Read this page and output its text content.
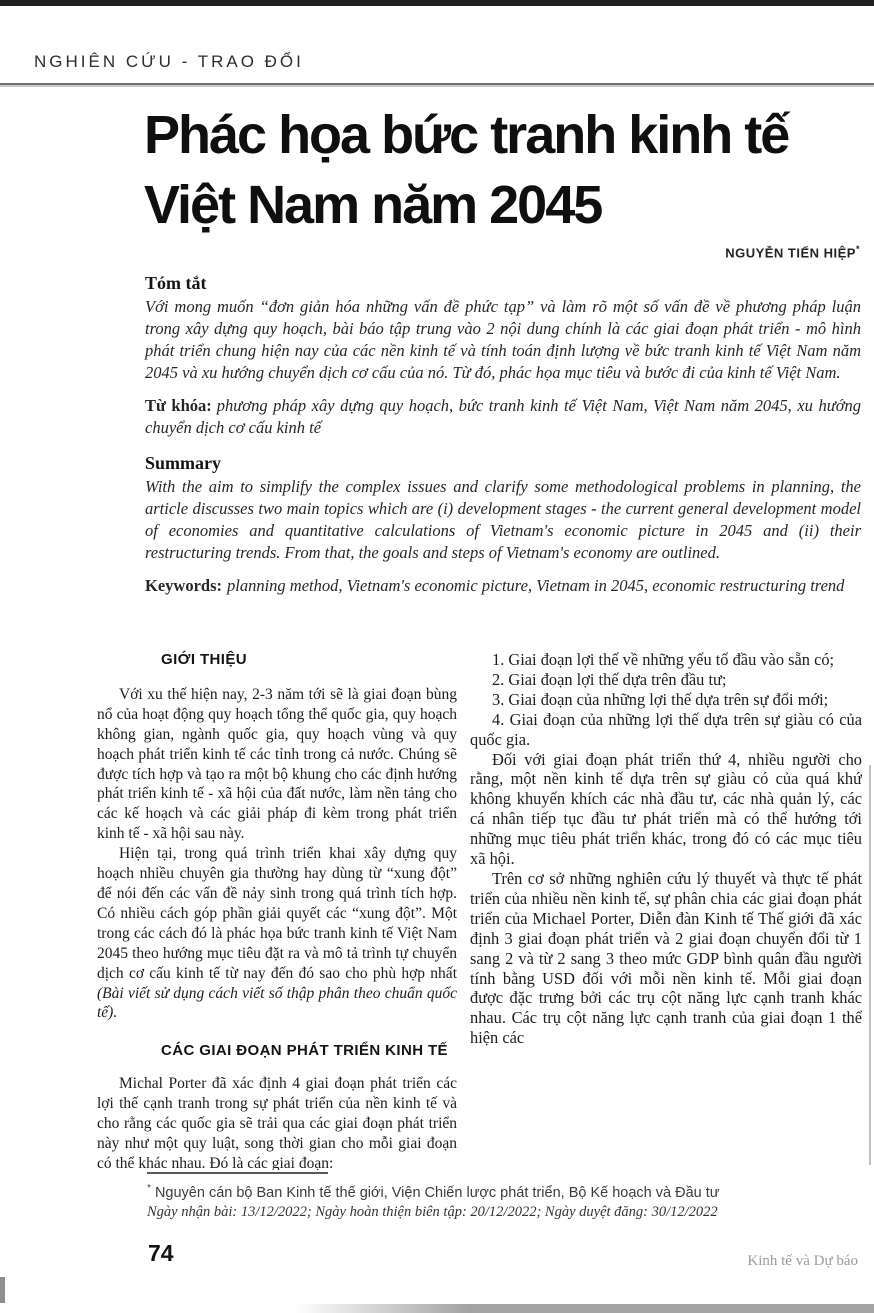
NGHIÊN CỨU - TRAO ĐỔI
Phác họa bức tranh kinh tế
Việt Nam năm 2045
NGUYỄN TIẾN HIỆP*
Tóm tắt

Với mong muốn “đơn giản hóa những vấn đề phức tạp” và làm rõ một số vấn đề về phương pháp luận trong xây dựng quy hoạch, bài báo tập trung vào 2 nội dung chính là các giai đoạn phát triển - mô hình phát triển chung hiện nay của các nền kinh tế và tính toán định lượng về bức tranh kinh tế Việt Nam năm 2045 và xu hướng chuyển dịch cơ cấu của nó. Từ đó, phác họa mục tiêu và bước đi của kinh tế Việt Nam.

Từ khóa: phương pháp xây dựng quy hoạch, bức tranh kinh tế Việt Nam, Việt Nam năm 2045, xu hướng chuyển dịch cơ cấu kinh tế

Summary

With the aim to simplify the complex issues and clarify some methodological problems in planning, the article discusses two main topics which are (i) development stages - the current general development model of economies and quantitative calculations of Vietnam's economic picture in 2045 and (ii) their restructuring trends. From that, the goals and steps of Vietnam's economy are outlined.

Keywords: planning method, Vietnam's economic picture, Vietnam in 2045, economic restructuring trend

GIỚI THIỆU

Với xu thế hiện nay, 2-3 năm tới sẽ là giai đoạn bùng nổ của hoạt động quy hoạch tổng thể quốc gia, quy hoạch không gian, ngành quốc gia, quy hoạch vùng và quy hoạch phát triển kinh tế các tỉnh trong cả nước. Chúng sẽ được tích hợp và tạo ra một bộ khung cho các định hướng phát triển kinh tế - xã hội của đất nước, làm nền tảng cho các kế hoạch và các giải pháp đi kèm trong phát triển kinh tế - xã hội sau này.

Hiện tại, trong quá trình triển khai xây dựng quy hoạch nhiều chuyên gia thường hay dùng từ “xung đột” để nói đến các vấn đề nảy sinh trong quá trình tích hợp. Có nhiều cách góp phần giải quyết các “xung đột”. Một trong các cách đó là phác họa bức tranh kinh tế Việt Nam 2045 theo hướng mục tiêu đặt ra và mô tả trình tự chuyển dịch cơ cấu kinh tế từ nay đến đó sao cho phù hợp nhất (Bài viết sử dụng cách viết số thập phân theo chuẩn quốc tế).

CÁC GIAI ĐOẠN PHÁT TRIỂN KINH TẾ

Michal Porter đã xác định 4 giai đoạn phát triển các lợi thế cạnh tranh trong sự phát triển của nền kinh tế và cho rằng các quốc gia sẽ trải qua các giai đoạn phát triển này như một quy luật, song thời gian cho mỗi giai đoạn có thể khác nhau. Đó là các giai đoạn:

1. Giai đoạn lợi thế về những yếu tố đầu vào sẵn có;

2. Giai đoạn lợi thế dựa trên đầu tư;

3. Giai đoạn của những lợi thế dựa trên sự đổi mới;

4. Giai đoạn của những lợi thế dựa trên sự giàu có của quốc gia.

Đối với giai đoạn phát triển thứ 4, nhiều người cho rằng, một nền kinh tế dựa trên sự giàu có của quá khứ không khuyến khích các nhà đầu tư, các nhà quản lý, các cá nhân tiếp tục đầu tư phát triển mà có thể hướng tới những mục tiêu phát triển khác, trong đó có các mục tiêu xã hội.

Trên cơ sở những nghiên cứu lý thuyết và thực tế phát triển của nhiều nền kinh tế, sự phân chia các giai đoạn phát triển của Michael Porter, Diễn đàn Kinh tế Thế giới đã xác định 3 giai đoạn phát triển và 2 giai đoạn chuyển đổi từ 1 sang 2 và từ 2 sang 3 theo mức GDP bình quân đầu người tính bằng USD đối với mỗi nền kinh tế. Mỗi giai đoạn được đặc trưng bởi các trụ cột năng lực cạnh tranh khác nhau. Các trụ cột năng lực cạnh tranh của giai đoạn 1 thể hiện các

* Nguyên cán bộ Ban Kinh tế thế giới, Viện Chiến lược phát triển, Bộ Kế hoạch và Đầu tư
Ngày nhận bài: 13/12/2022; Ngày hoàn thiện biên tập: 20/12/2022; Ngày duyệt đăng: 30/12/2022
74	Kinh tế và Dự báo
